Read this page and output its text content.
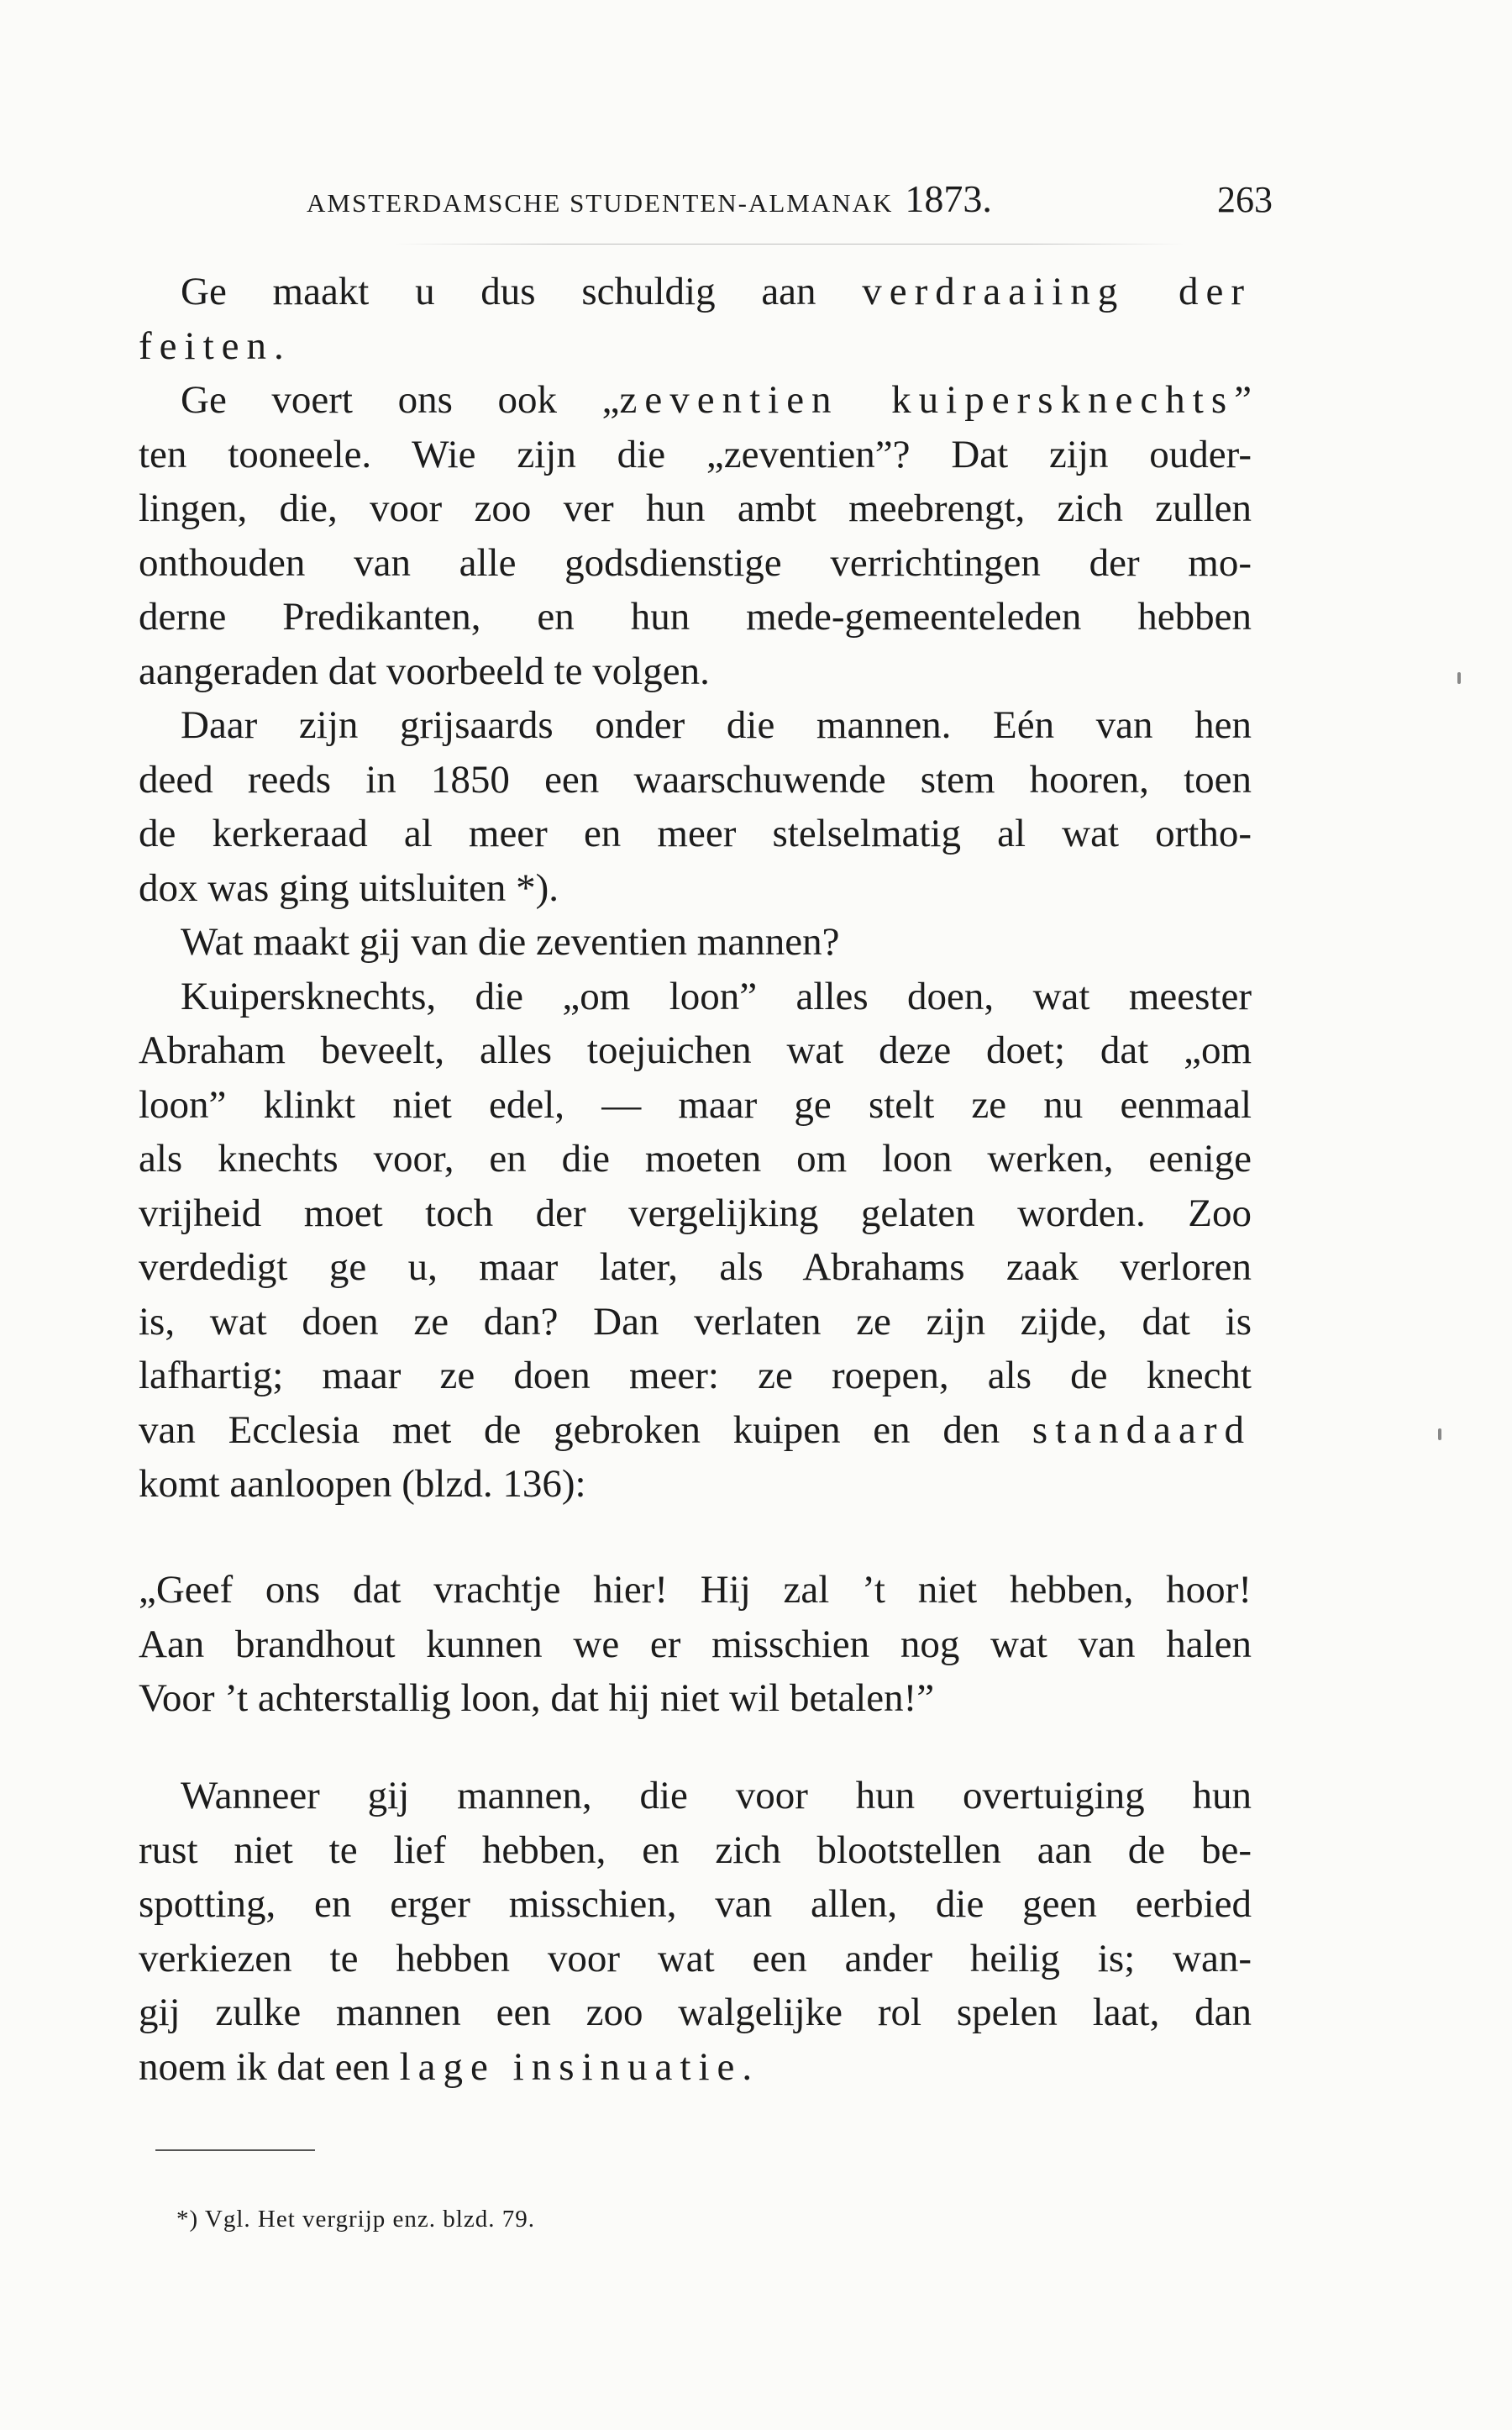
AMSTERDAMSCHE STUDENTEN-ALMANAK 1873.	263
Ge maakt u dus schuldig aan verdraaiing der
feiten.
Ge voert ons ook „zeventien kuipersknechts”
ten tooneele. Wie zijn die „zeventien”? Dat zijn ouder-
lingen, die, voor zoo ver hun ambt meebrengt, zich zullen
onthouden van alle godsdienstige verrichtingen der mo-
derne Predikanten, en hun mede-gemeenteleden hebben
aangeraden dat voorbeeld te volgen.
Daar zijn grijsaards onder die mannen. Eén van hen
deed reeds in 1850 een waarschuwende stem hooren, toen
de kerkeraad al meer en meer stelselmatig al wat ortho-
dox was ging uitsluiten *).
Wat maakt gij van die zeventien mannen?
Kuipersknechts, die „om loon” alles doen, wat meester
Abraham beveelt, alles toejuichen wat deze doet; dat „om
loon” klinkt niet edel, — maar ge stelt ze nu eenmaal
als knechts voor, en die moeten om loon werken, eenige
vrijheid moet toch der vergelijking gelaten worden. Zoo
verdedigt ge u, maar later, als Abrahams zaak verloren
is, wat doen ze dan? Dan verlaten ze zijn zijde, dat is
lafhartig; maar ze doen meer: ze roepen, als de knecht
van Ecclesia met de gebroken kuipen en den standaard
komt aanloopen (blzd. 136):
„Geef ons dat vrachtje hier! Hij zal ’t niet hebben, hoor!
Aan brandhout kunnen we er misschien nog wat van halen
Voor ’t achterstallig loon, dat hij niet wil betalen!”
Wanneer gij mannen, die voor hun overtuiging hun
rust niet te lief hebben, en zich blootstellen aan de be-
spotting, en erger misschien, van allen, die geen eerbied
verkiezen te hebben voor wat een ander heilig is; wan-
gij zulke mannen een zoo walgelijke rol spelen laat, dan
noem ik dat een lage insinuatie.
*) Vgl. Het vergrijp enz. blzd. 79.
